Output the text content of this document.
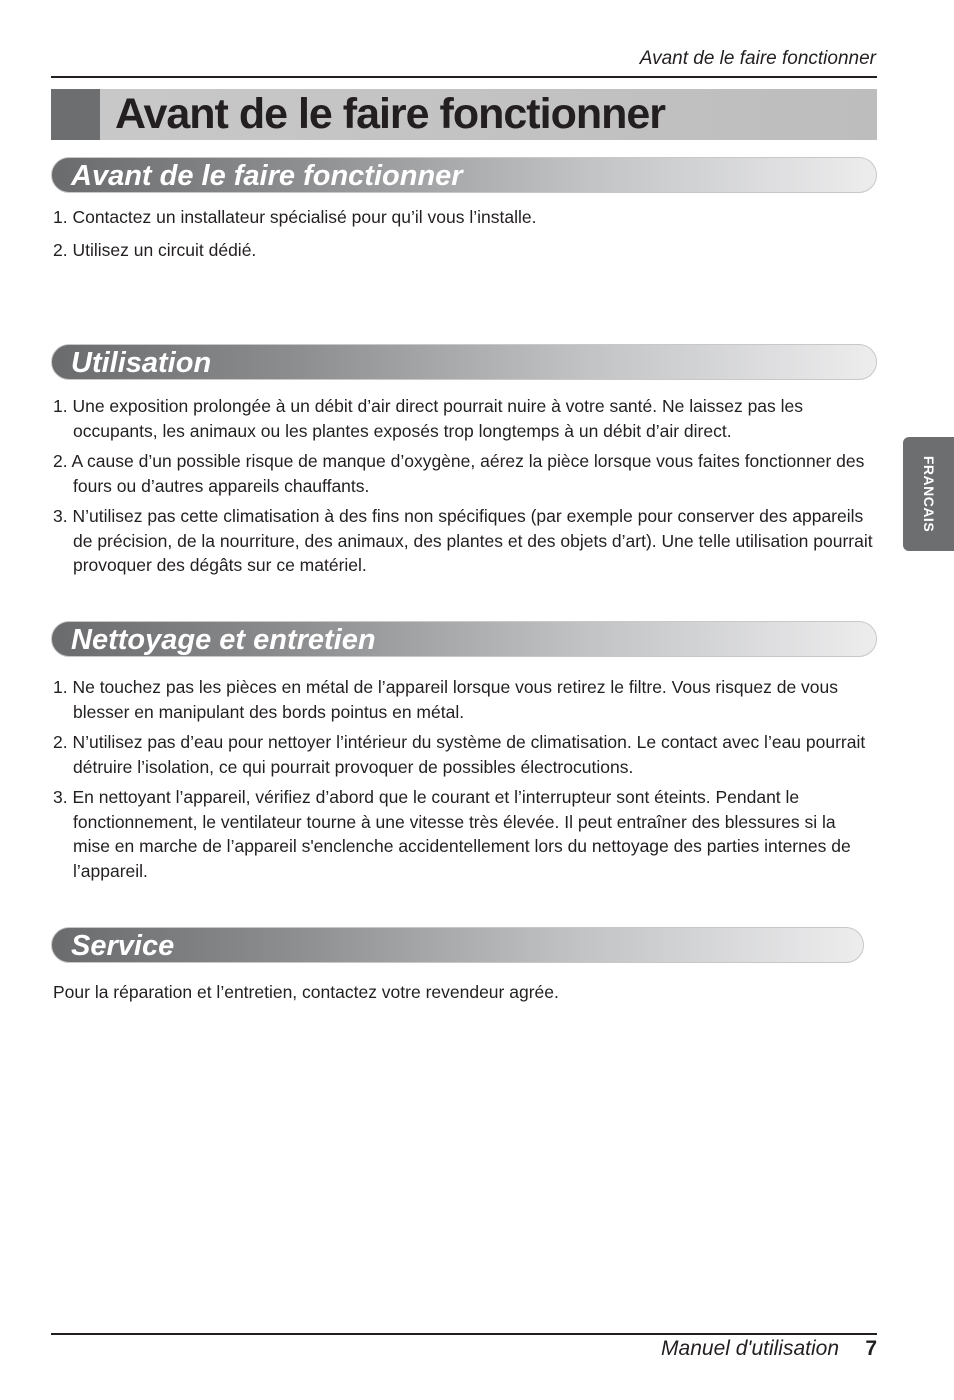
Avant de le faire fonctionner
Avant de le faire fonctionner
Avant de le faire fonctionner
1. Contactez un installateur spécialisé pour qu’il vous l’installe.
2. Utilisez un circuit dédié.
Utilisation
1. Une exposition prolongée à un débit d’air direct pourrait nuire à votre santé. Ne laissez pas les occupants, les animaux ou les plantes exposés trop longtemps à un débit d’air direct.
2. A cause d’un possible risque de manque d’oxygène, aérez la pièce lorsque vous faites fonctionner des fours ou d’autres appareils chauffants.
3. N’utilisez pas cette climatisation à des fins non spécifiques (par exemple pour conserver des appareils de précision, de la nourriture, des animaux, des plantes et des objets d’art). Une telle utilisation pourrait provoquer des dégâts sur ce matériel.
Nettoyage et entretien
1. Ne touchez pas les pièces en métal de l’appareil lorsque vous retirez le filtre. Vous risquez de vous blesser en manipulant des bords pointus en métal.
2. N’utilisez pas d’eau pour nettoyer l’intérieur du système de climatisation. Le contact avec l’eau pourrait détruire l’isolation, ce qui pourrait provoquer de possibles électrocutions.
3. En nettoyant l’appareil, vérifiez d’abord que le courant et l’interrupteur sont éteints. Pendant le fonctionnement, le ventilateur tourne à une vitesse très élevée. Il peut entraîner des blessures si la mise en marche de l’appareil s'enclenche accidentellement lors du nettoyage des parties internes de l’appareil.
Service
Pour la réparation et l’entretien, contactez votre revendeur agrée.
FRANCAIS
Manuel d'utilisation 7
